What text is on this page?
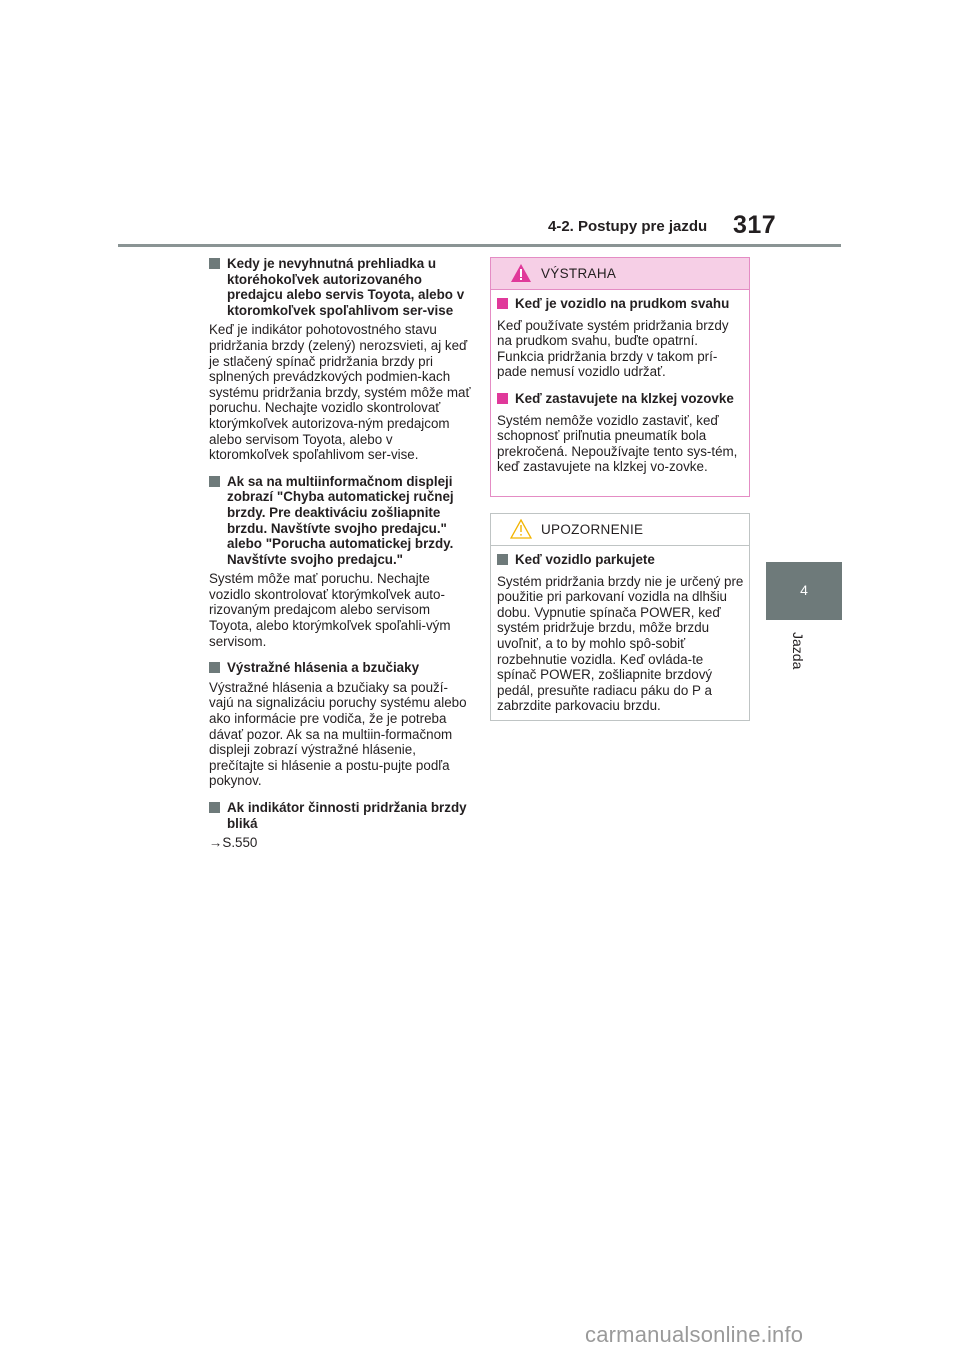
4-2. Postupy pre jazdu 317
4
Jazda
Kedy je nevyhnutná prehliadka u ktoréhokoľvek autorizovaného predajcu alebo servis Toyota, alebo v ktoromkoľvek spoľahlivom ser-vise
Keď je indikátor pohotovostného stavu pridržania brzdy (zelený) nerozsvieti, aj keď je stlačený spínač pridržania brzdy pri splnených prevádzkových podmien-kach systému pridržania brzdy, systém môže mať poruchu. Nechajte vozidlo skontrolovať ktorýmkoľvek autorizova-ným predajcom alebo servisom Toyota, alebo v ktoromkoľvek spoľahlivom ser-vise.
Ak sa na multiinformačnom displeji zobrazí "Chyba automatickej ručnej brzdy. Pre deaktiváciu zošliapnite brzdu. Navštívte svojho predajcu." alebo "Porucha automatickej brzdy. Navštívte svojho predajcu."
Systém môže mať poruchu. Nechajte vozidlo skontrolovať ktorýmkoľvek auto-rizovaným predajcom alebo servisom Toyota, alebo ktorýmkoľvek spoľahli-vým servisom.
Výstražné hlásenia a bzučiaky
Výstražné hlásenia a bzučiaky sa použí-vajú na signalizáciu poruchy systému alebo ako informácie pre vodiča, že je potreba dávať pozor. Ak sa na multiin-formačnom displeji zobrazí výstražné hlásenie, prečítajte si hlásenie a postu-pujte podľa pokynov.
Ak indikátor činnosti pridržania brzdy bliká
→S.550
VÝSTRAHA
Keď je vozidlo na prudkom svahu
Keď používate systém pridržania brzdy na prudkom svahu, buďte opatrní. Funkcia pridržania brzdy v takom prí-pade nemusí vozidlo udržať.
Keď zastavujete na klzkej vozovke
Systém nemôže vozidlo zastaviť, keď schopnosť priľnutia pneumatík bola prekročená. Nepoužívajte tento sys-tém, keď zastavujete na klzkej vo-zovke.
UPOZORNENIE
Keď vozidlo parkujete
Systém pridržania brzdy nie je určený pre použitie pri parkovaní vozidla na dlhšiu dobu. Vypnutie spínača POWER, keď systém pridržuje brzdu, môže brzdu uvoľniť, a to by mohlo spô-sobiť rozbehnutie vozidla. Keď ovláda-te spínač POWER, zošliapnite brzdový pedál, presuňte radiacu páku do P a zabrzdite parkovaciu brzdu.
carmanualsonline.info
